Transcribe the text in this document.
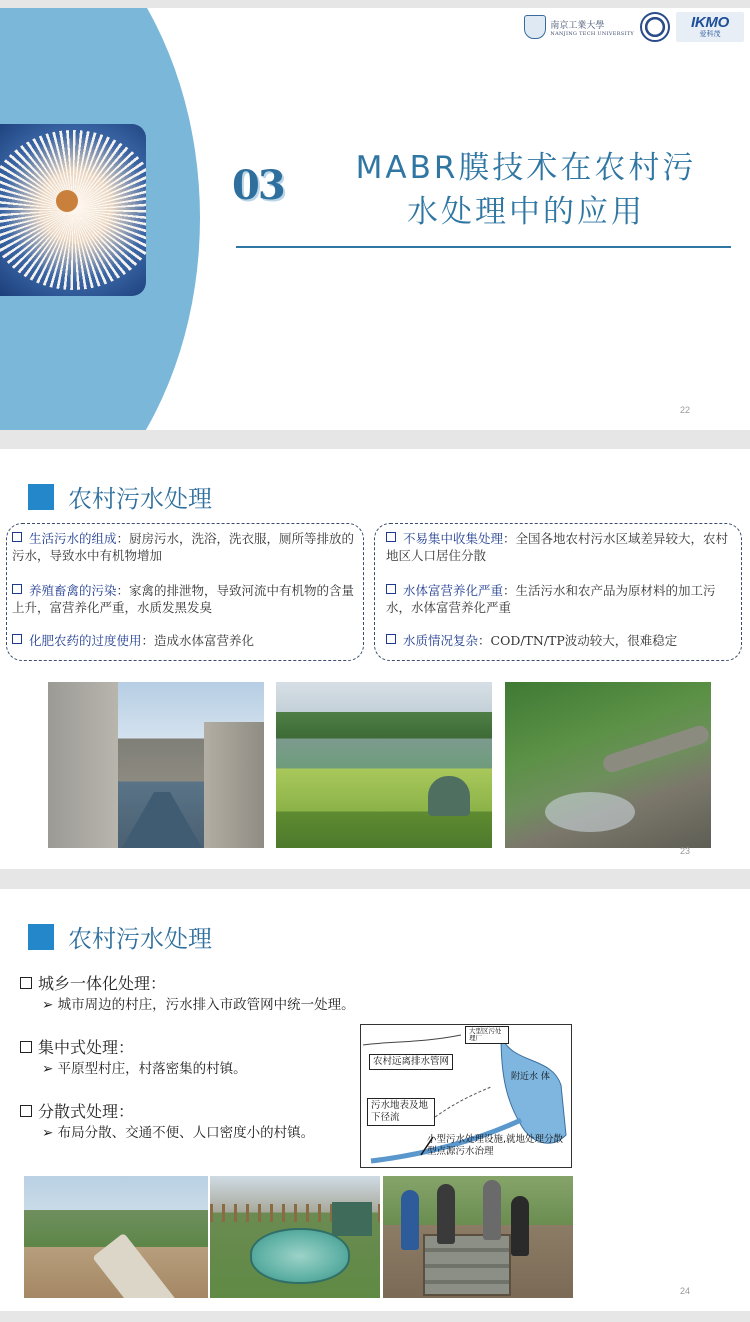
南京工業大學
NANJING TECH UNIVERSITY
IKMO
爱科茂
03	MABR膜技术在农村污
水处理中的应用
22
农村污水处理
生活污水的组成：厨房污水，洗浴，洗衣服，厕所等排放的污水，导致水中有机物增加
养殖畜禽的污染：家禽的排泄物，导致河流中有机物的含量上升，富营养化严重，水质发黑发臭
化肥农药的过度使用：造成水体富营养化
不易集中收集处理：全国各地农村污水区域差异较大，农村地区人口居住分散
水体富营养化严重：生活污水和农产品为原材料的加工污水，水体富营养化严重
水质情况复杂：COD/TN/TP波动较大，很难稳定
23
农村污水处理
城乡一体化处理：
➢ 城市周边的村庄，污水排入市政管网中统一处理。
集中式处理：
➢ 平原型村庄，村落密集的村镇。
分散式处理：
➢ 布局分散、交通不便、人口密度小的村镇。
大型区污处理厂
农村远离排水管网
附近水 体
污水地表及地下径流
小型污水处理设施,就地处理分散型点源污水治理
24
